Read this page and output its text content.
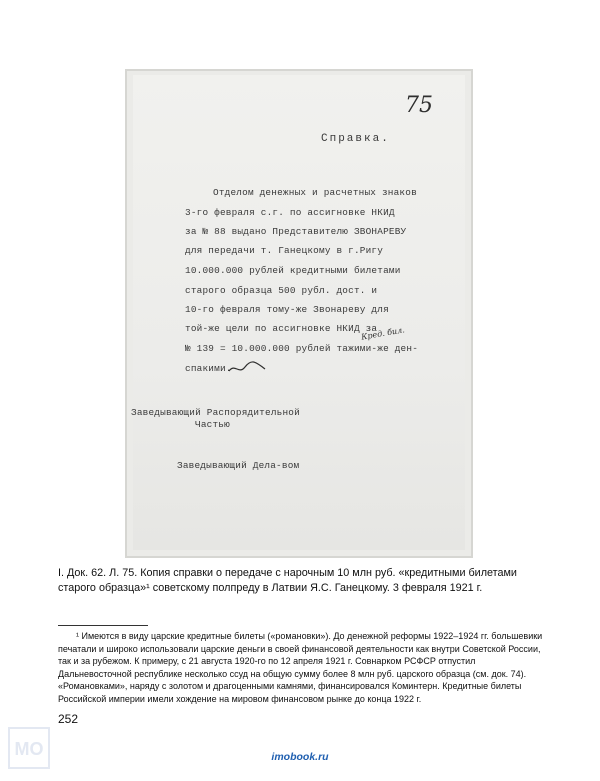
75
Справка.
Отделом денежных и расчетных знаков
3-го февраля с.г. по ассигновке НКИД
за № 88 выдано Представителю ЗВОНАРЕВУ
для передачи т. Ганецкому в г.Ригу
10.000.000 рублей кредитными билетами
старого образца 500 рубл. дост. и
10-го февраля тому-же Звонареву для
той-же цели по ассигновке НКИД за
Кред. бил.
№ 139 = 10.000.000 рублей тажими-же ден-
спакими.
Заведывающий Распорядительной
Частью
Заведывающий Дела-вом
I. Док. 62. Л. 75. Копия справки о передаче с нарочным 10 млн руб. «кредитными билетами старого образца»¹ советскому полпреду в Латвии Я.С. Ганецкому. 3 февраля 1921 г.
¹ Имеются в виду царские кредитные билеты («романовки»). До денежной реформы 1922–1924 гг. большевики печатали и широко использовали царские деньги в своей финансовой деятельности как внутри Советской России, так и за рубежом. К примеру, с 21 августа 1920-го по 12 апреля 1921 г. Совнарком РСФСР отпустил Дальневосточной республике несколько ссуд на общую сумму более 8 млн руб. царского образца (см. док. 74). «Романовками», наряду с золотом и драгоценными камнями, финансировался Коминтерн. Кредитные билеты Российской империи имели хождение на мировом финансовом рынке до конца 1922 г.
252
МО	imobook.ru
